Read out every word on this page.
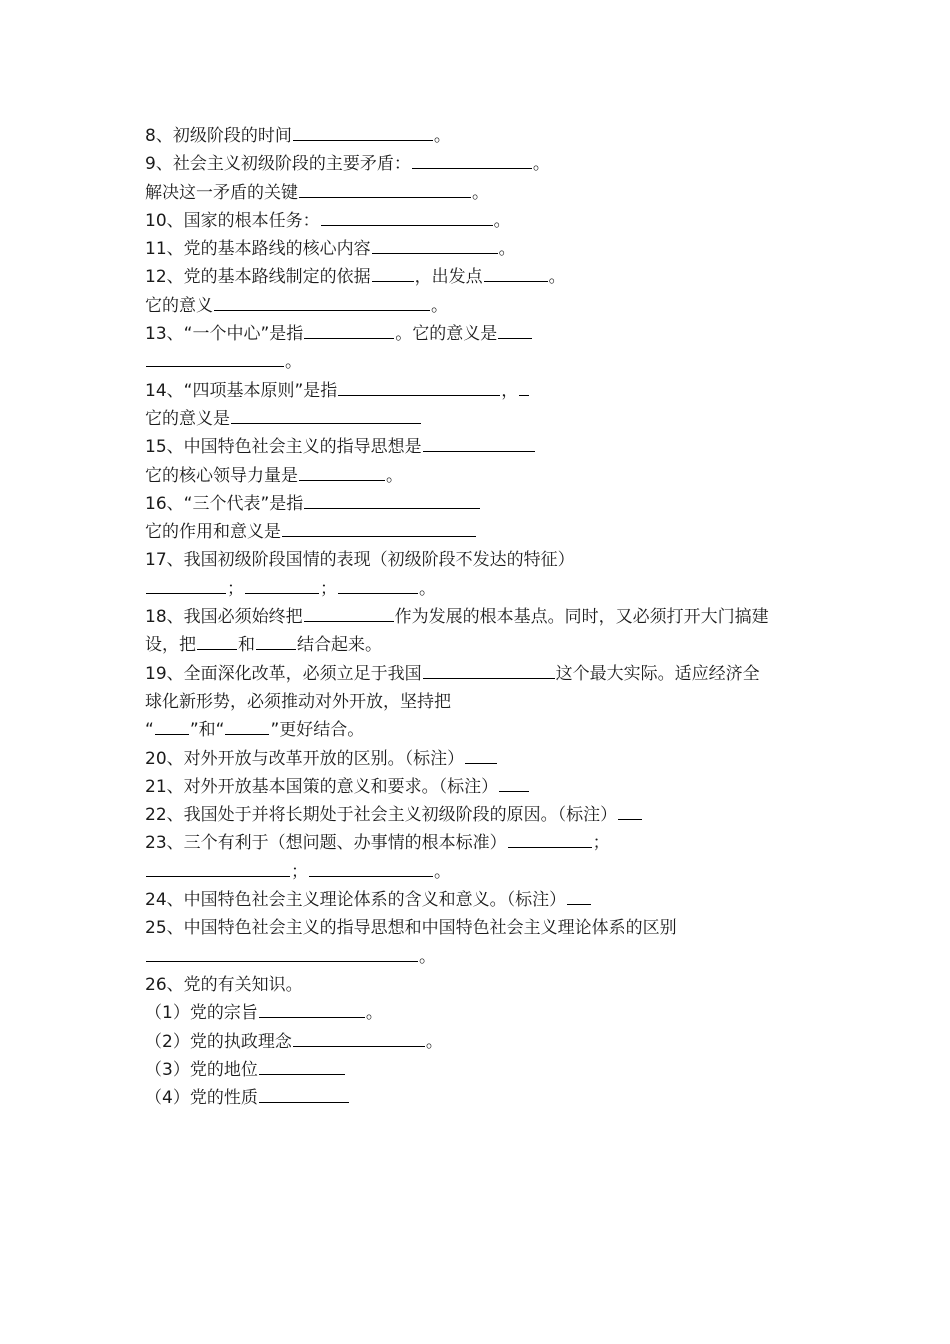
8、初级阶段的时间	。
9、社会主义初级阶段的主要矛盾：	。
解决这一矛盾的关键	。
10、国家的根本任务：	。
11、党的基本路线的核心内容	。
12、党的基本路线制定的依据	，出发点	。
它的意义	。
13、“一个中心”是指	。它的意义是
。
14、“四项基本原则”是指	，
它的意义是
15、中国特色社会主义的指导思想是
它的核心领导力量是	。
16、“三个代表”是指
它的作用和意义是
17、我国初级阶段国情的表现（初级阶段不发达的特征）
；	；	。
18、我国必须始终把	作为发展的根本基点。同时，又必须打开大门搞建
设，把 和 结合起来。
19、全面深化改革，必须立足于我国	这个最大实际。适应经济全
球化新形势，必须推动对外开放，坚持把
“ ”和“	”更好结合。
20、对外开放与改革开放的区别。（标注）
21、对外开放基本国策的意义和要求。（标注）
22、我国处于并将长期处于社会主义初级阶段的原因。（标注）
23、三个有利于（想问题、办事情的根本标准）	；
；	。
24、中国特色社会主义理论体系的含义和意义。（标注）
25、中国特色社会主义的指导思想和中国特色社会主义理论体系的区别
。
26、党的有关知识。
（1）党的宗旨	。
（2）党的执政理念	。
（3）党的地位
（4）党的性质
